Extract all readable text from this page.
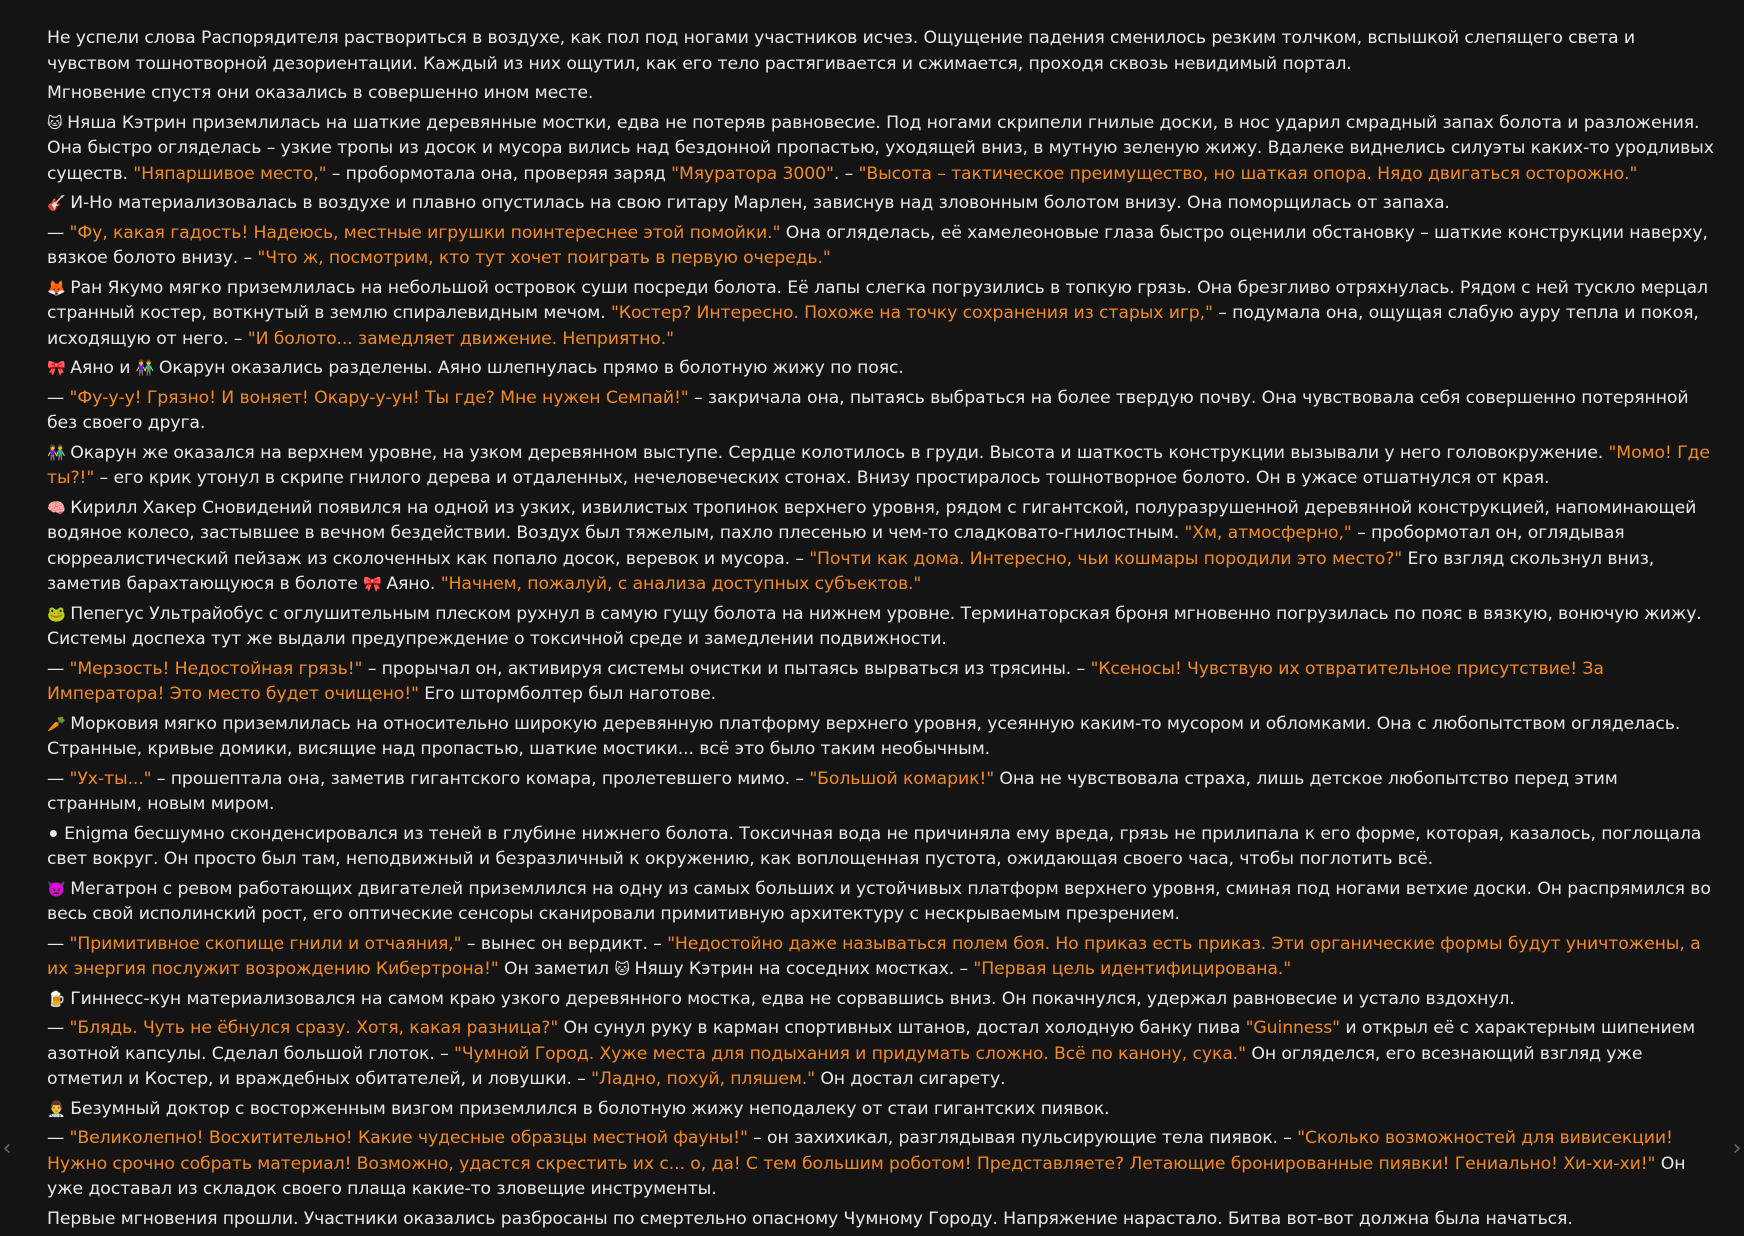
Не успели слова Распорядителя раствориться в воздухе, как пол под ногами участников исчез. Ощущение падения сменилось резким толчком, вспышкой слепящего света и чувством тошнотворной дезориентации. Каждый из них ощутил, как его тело растягивается и сжимается, проходя сквозь невидимый портал.

Мгновение спустя они оказались в совершенно ином месте.

🐱 Няша Кэтрин приземлилась на шаткие деревянные мостки, едва не потеряв равновесие. Под ногами скрипели гнилые доски, в нос ударил смрадный запах болота и разложения. Она быстро огляделась – узкие тропы из досок и мусора вились над бездонной пропастью, уходящей вниз, в мутную зеленую жижу. Вдалеке виднелись силуэты каких-то уродливых существ. "Няпаршивое место," – пробормотала она, проверяя заряд "Мяуратора 3000". – "Высота – тактическое преимущество, но шаткая опора. Нядо двигаться осторожно."

🎸 И-Но материализовалась в воздухе и плавно опустилась на свою гитару Марлен, зависнув над зловонным болотом внизу. Она поморщилась от запаха.

— "Фу, какая гадость! Надеюсь, местные игрушки поинтереснее этой помойки." Она огляделась, её хамелеоновые глаза быстро оценили обстановку – шаткие конструкции наверху, вязкое болото внизу. – "Что ж, посмотрим, кто тут хочет поиграть в первую очередь."

🦊 Ран Якумо мягко приземлилась на небольшой островок суши посреди болота. Её лапы слегка погрузились в топкую грязь. Она брезгливо отряхнулась. Рядом с ней тускло мерцал странный костер, воткнутый в землю спиралевидным мечом. "Костер? Интересно. Похоже на точку сохранения из старых игр," – подумала она, ощущая слабую ауру тепла и покоя, исходящую от него. – "И болото... замедляет движение. Неприятно."

🎀 Аяно и 👫 Окарун оказались разделены. Аяно шлепнулась прямо в болотную жижу по пояс.

— "Фу-у-у! Грязно! И воняет! Окару-у-ун! Ты где? Мне нужен Семпай!" – закричала она, пытаясь выбраться на более твердую почву. Она чувствовала себя совершенно потерянной без своего друга.

👫 Окарун же оказался на верхнем уровне, на узком деревянном выступе. Сердце колотилось в груди. Высота и шаткость конструкции вызывали у него головокружение. "Момо! Где ты?!" – его крик утонул в скрипе гнилого дерева и отдаленных, нечеловеческих стонах. Внизу простиралось тошнотворное болото. Он в ужасе отшатнулся от края.

🧠 Кирилл Хакер Сновидений появился на одной из узких, извилистых тропинок верхнего уровня, рядом с гигантской, полуразрушенной деревянной конструкцией, напоминающей водяное колесо, застывшее в вечном бездействии. Воздух был тяжелым, пахло плесенью и чем-то сладковато-гнилостным. "Хм, атмосферно," – пробормотал он, оглядывая сюрреалистический пейзаж из сколоченных как попало досок, веревок и мусора. – "Почти как дома. Интересно, чьи кошмары породили это место?" Его взгляд скользнул вниз, заметив барахтающуюся в болоте 🎀 Аяно. "Начнем, пожалуй, с анализа доступных субъектов."

🐸 Пепегус Ультрайобус с оглушительным плеском рухнул в самую гущу болота на нижнем уровне. Терминаторская броня мгновенно погрузилась по пояс в вязкую, вонючую жижу. Системы доспеха тут же выдали предупреждение о токсичной среде и замедлении подвижности.

— "Мерзость! Недостойная грязь!" – прорычал он, активируя системы очистки и пытаясь вырваться из трясины. – "Ксеносы! Чувствую их отвратительное присутствие! За Императора! Это место будет очищено!" Его штормболтер был наготове.

🥕 Морковия мягко приземлилась на относительно широкую деревянную платформу верхнего уровня, усеянную каким-то мусором и обломками. Она с любопытством огляделась. Странные, кривые домики, висящие над пропастью, шаткие мостики... всё это было таким необычным.

— "Ух-ты..." – прошептала она, заметив гигантского комара, пролетевшего мимо. – "Большой комарик!" Она не чувствовала страха, лишь детское любопытство перед этим странным, новым миром.

⚫ Enigma бесшумно сконденсировался из теней в глубине нижнего болота. Токсичная вода не причиняла ему вреда, грязь не прилипала к его форме, которая, казалось, поглощала свет вокруг. Он просто был там, неподвижный и безразличный к окружению, как воплощенная пустота, ожидающая своего часа, чтобы поглотить всё.

👿 Мегатрон с ревом работающих двигателей приземлился на одну из самых больших и устойчивых платформ верхнего уровня, сминая под ногами ветхие доски. Он распрямился во весь свой исполинский рост, его оптические сенсоры сканировали примитивную архитектуру с нескрываемым презрением.

— "Примитивное скопище гнили и отчаяния," – вынес он вердикт. – "Недостойно даже называться полем боя. Но приказ есть приказ. Эти органические формы будут уничтожены, а их энергия послужит возрождению Кибертрона!" Он заметил 🐱 Няшу Кэтрин на соседних мостках. – "Первая цель идентифицирована."

🍺 Гиннесс-кун материализовался на самом краю узкого деревянного мостка, едва не сорвавшись вниз. Он покачнулся, удержал равновесие и устало вздохнул.

— "Блядь. Чуть не ёбнулся сразу. Хотя, какая разница?" Он сунул руку в карман спортивных штанов, достал холодную банку пива "Guinness" и открыл её с характерным шипением азотной капсулы. Сделал большой глоток. – "Чумной Город. Хуже места для подыхания и придумать сложно. Всё по канону, сука." Он огляделся, его всезнающий взгляд уже отметил и Костер, и враждебных обитателей, и ловушки. – "Ладно, похуй, пляшем." Он достал сигарету.

👨‍⚕️ Безумный доктор с восторженным визгом приземлился в болотную жижу неподалеку от стаи гигантских пиявок.

— "Великолепно! Восхитительно! Какие чудесные образцы местной фауны!" – он захихикал, разглядывая пульсирующие тела пиявок. – "Сколько возможностей для вивисекции! Нужно срочно собрать материал! Возможно, удастся скрестить их с... о, да! С тем большим роботом! Представляете? Летающие бронированные пиявки! Гениально! Хи-хи-хи!" Он уже доставал из складок своего плаща какие-то зловещие инструменты.

Первые мгновения прошли. Участники оказались разбросаны по смертельно опасному Чумному Городу. Напряжение нарастало. Битва вот-вот должна была начаться.

‹	›
